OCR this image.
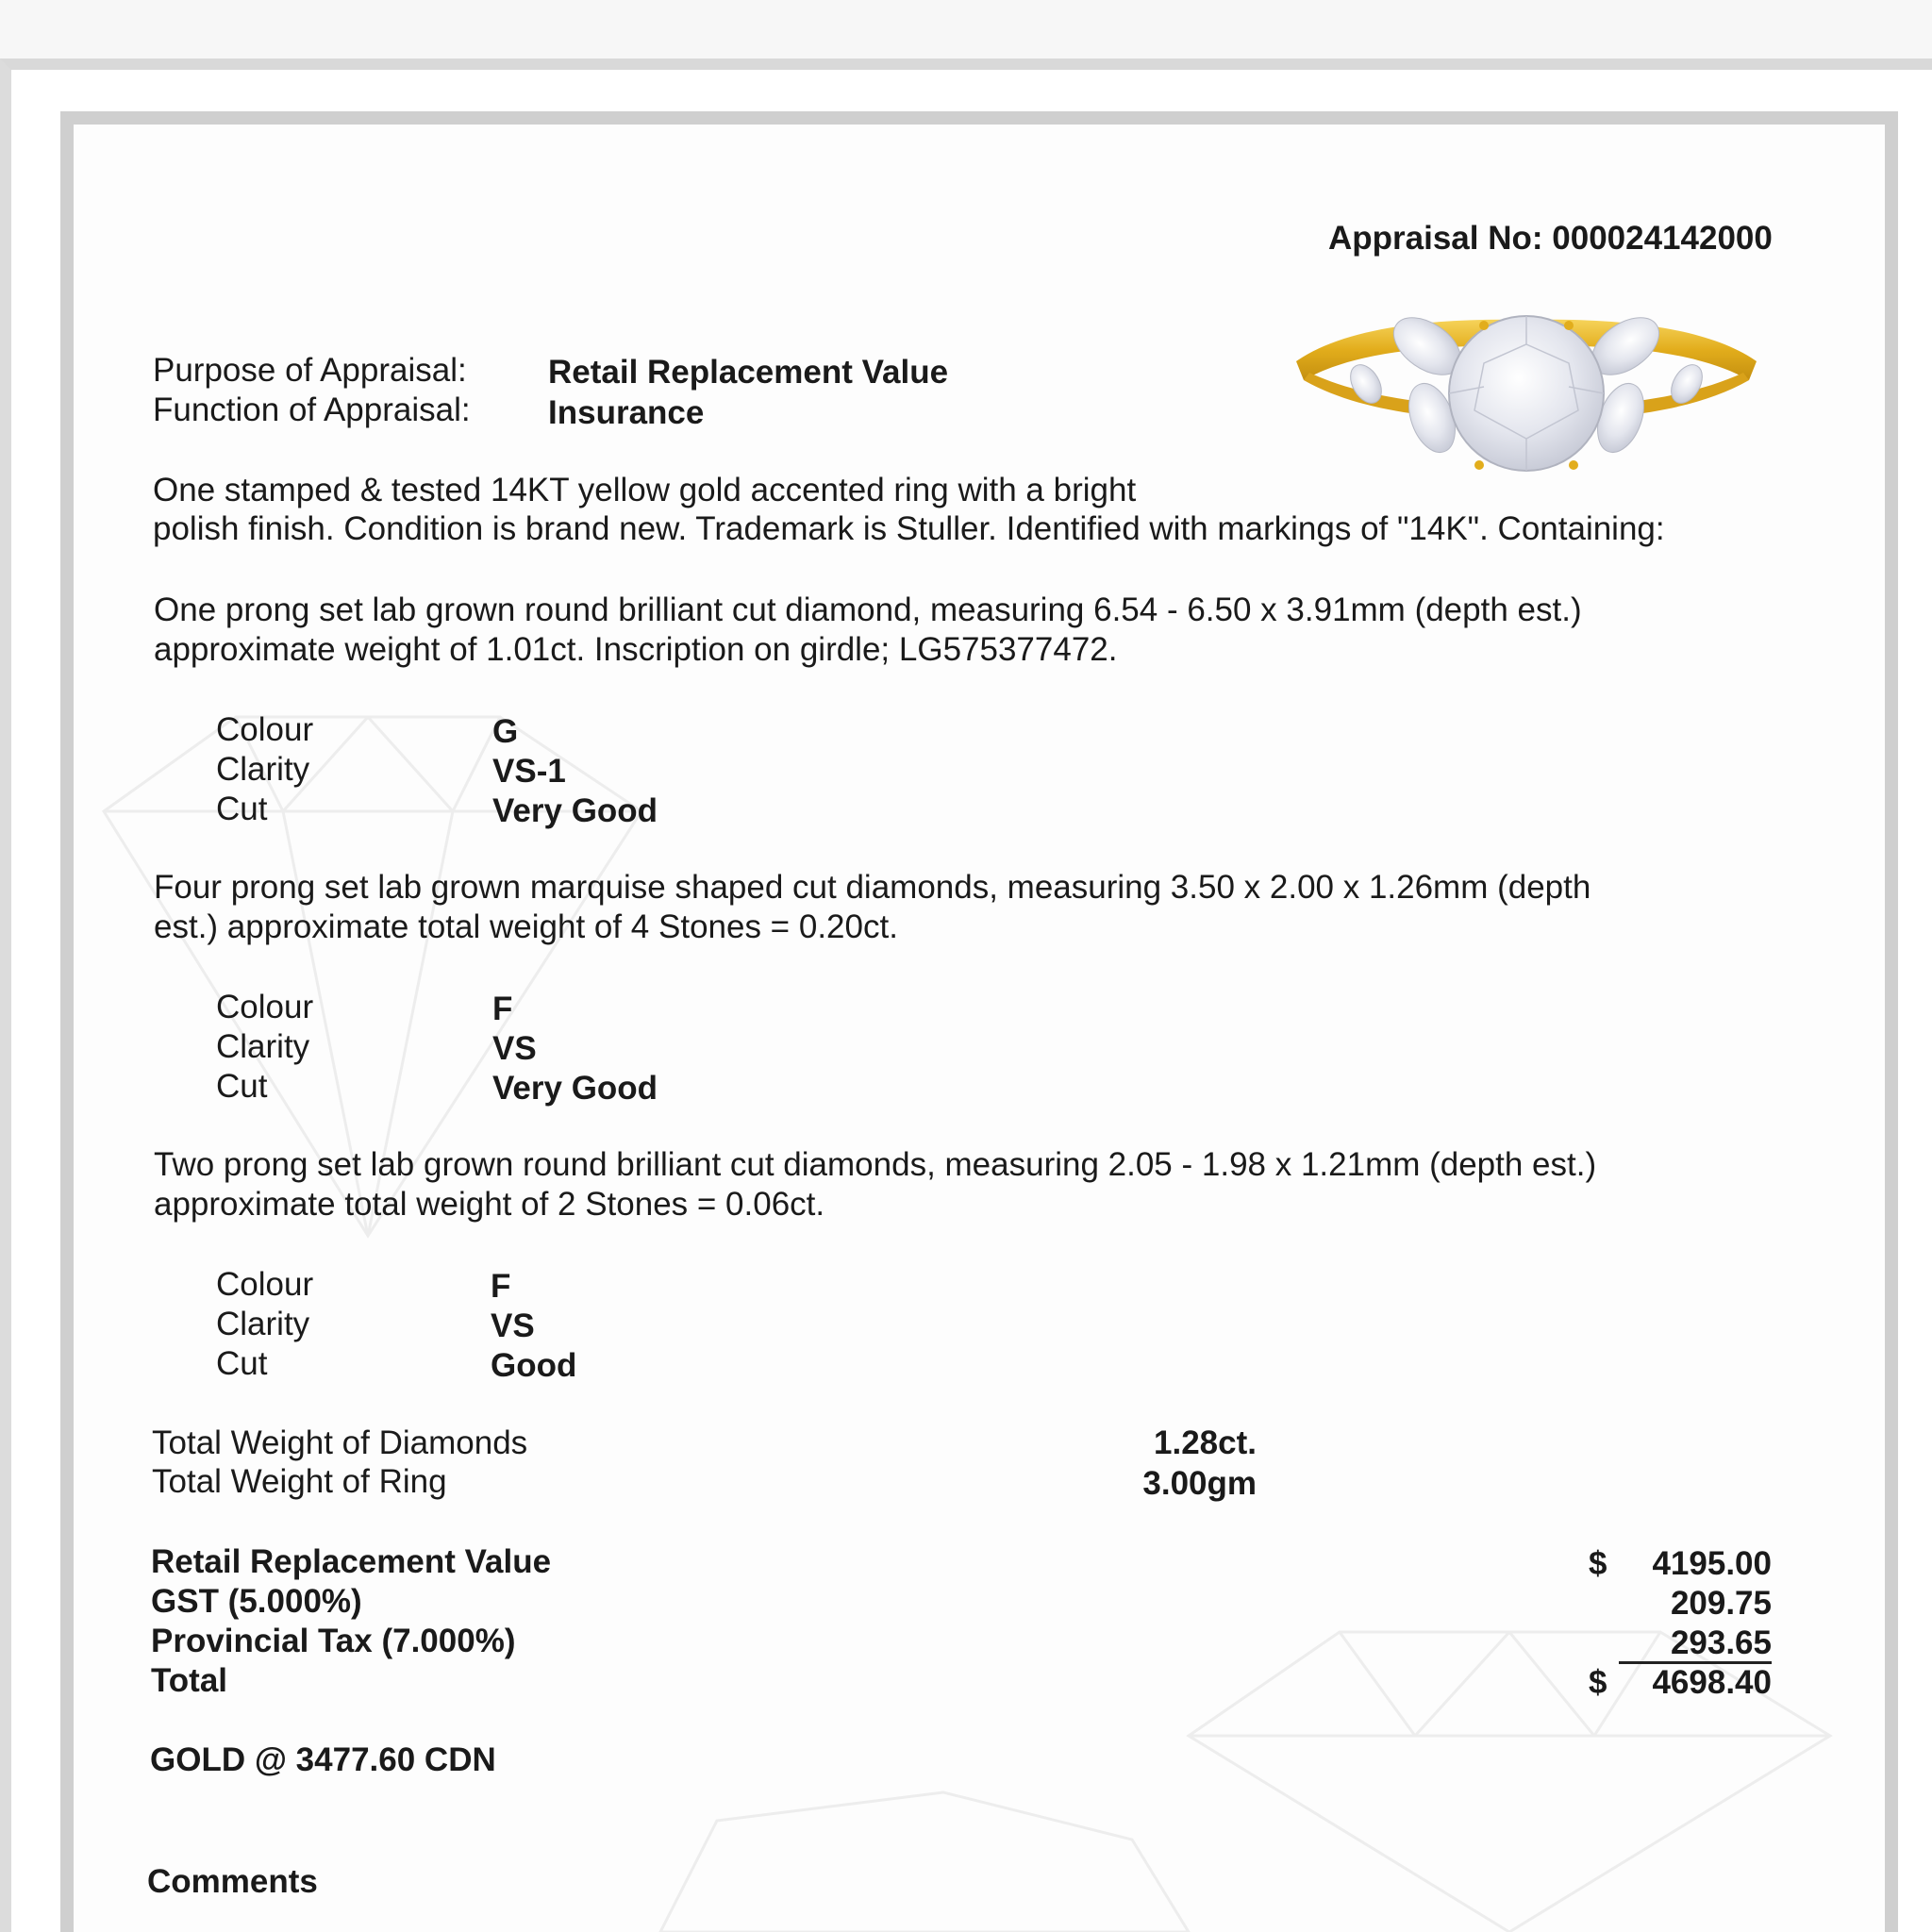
Appraisal No: 000024142000
Purpose of Appraisal: Retail Replacement Value
Function of Appraisal: Insurance
One stamped & tested 14KT yellow gold accented ring with a bright
polish finish. Condition is brand new. Trademark is Stuller. Identified with markings of "14K". Containing:
One prong set lab grown round brilliant cut diamond, measuring 6.54 - 6.50 x 3.91mm (depth est.)
approximate weight of 1.01ct. Inscription on girdle; LG575377472.
Colour	G
Clarity	VS-1
Cut	Very Good
Four prong set lab grown marquise shaped cut diamonds, measuring 3.50 x 2.00 x 1.26mm (depth
est.) approximate total weight of 4 Stones = 0.20ct.
Colour	F
Clarity	VS
Cut	Very Good
Two prong set lab grown round brilliant cut diamonds, measuring 2.05 - 1.98 x 1.21mm (depth est.)
approximate total weight of 2 Stones = 0.06ct.
Colour	F
Clarity	VS
Cut	Good
Total Weight of Diamonds	1.28ct.
Total Weight of Ring	3.00gm
Retail Replacement Value	$	4195.00
GST (5.000%)	209.75
Provincial Tax (7.000%)	293.65
Total	$	4698.40
GOLD @ 3477.60 CDN
Comments
